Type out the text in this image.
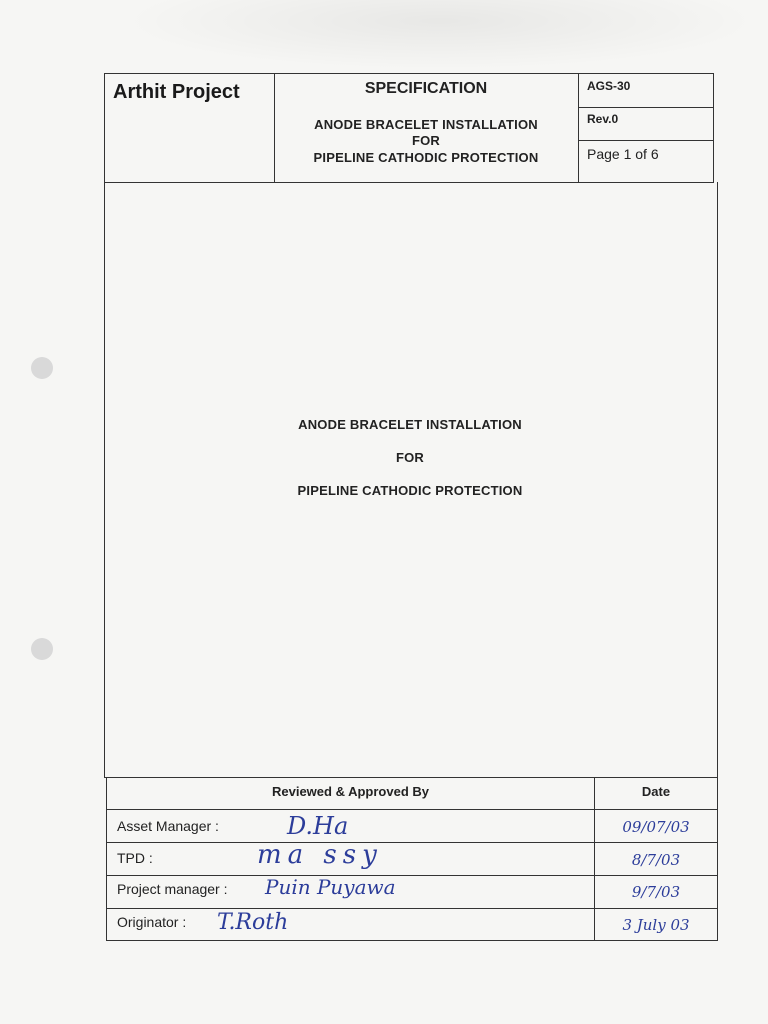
Arthit Project	SPECIFICATION
ANODE BRACELET INSTALLATION
FOR
PIPELINE CATHODIC PROTECTION
AGS-30
Rev.0
Page 1 of 6
ANODE BRACELET INSTALLATION
FOR
PIPELINE CATHODIC PROTECTION
Reviewed & Approved By	Date
Asset Manager :	D.Ha	09/07/03
TPD :	ma ssy	8/7/03
Project manager : Puin Puyawa	9/7/03
Originator : T.Roth	3 July 03
